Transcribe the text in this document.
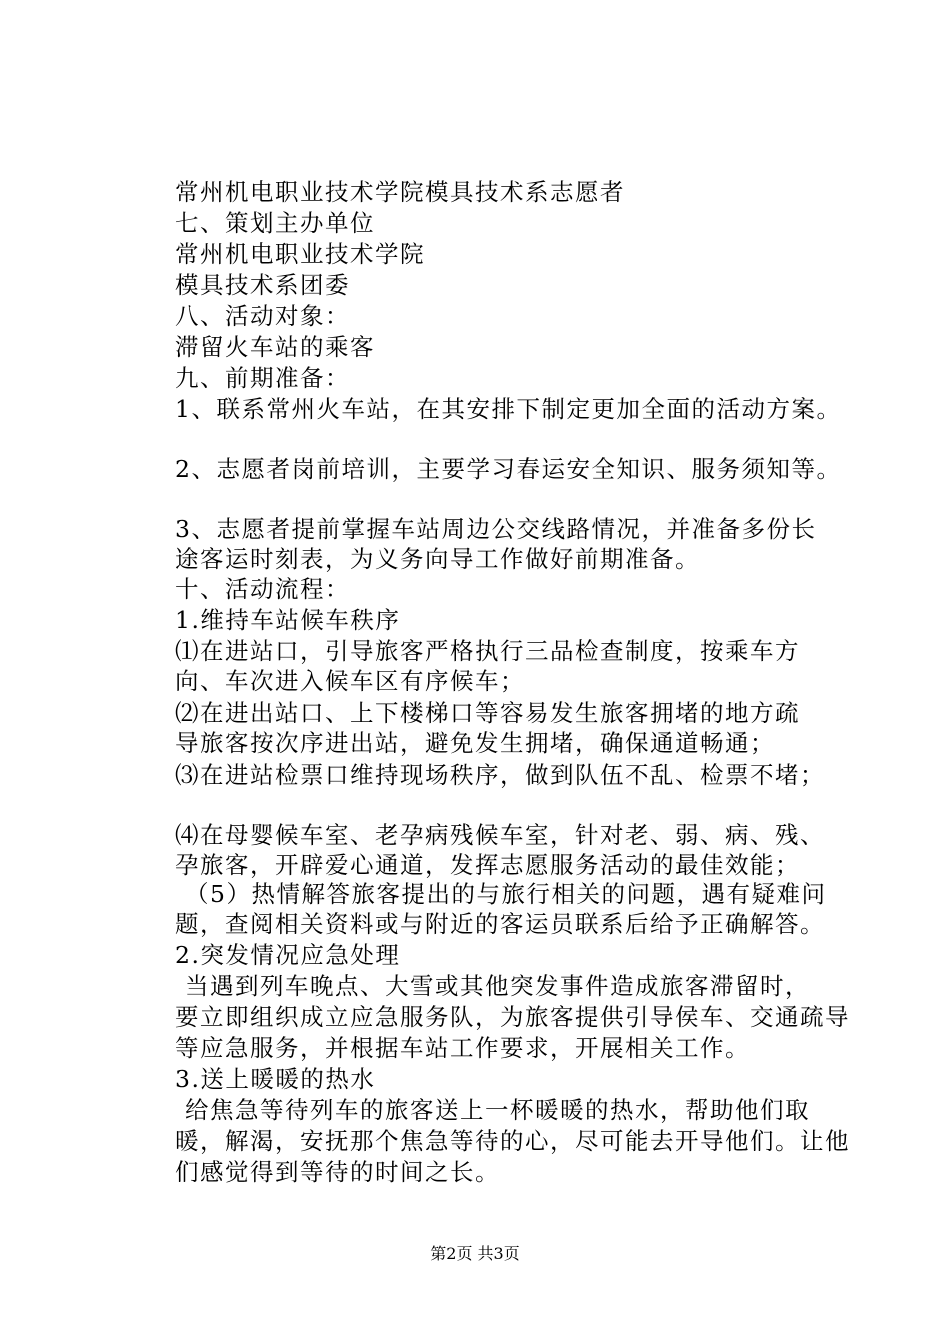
常州机电职业技术学院模具技术系志愿者
七、策划主办单位
常州机电职业技术学院
模具技术系团委
八、活动对象：
滞留火车站的乘客
九、前期准备：
1、联系常州火车站，在其安排下制定更加全面的活动方案。
2、志愿者岗前培训，主要学习春运安全知识、服务须知等。
3、志愿者提前掌握车站周边公交线路情况，并准备多份长
途客运时刻表，为义务向导工作做好前期准备。
十、活动流程：
1.维持车站候车秩序
⑴在进站口，引导旅客严格执行三品检查制度，按乘车方
向、车次进入候车区有序候车；
⑵在进出站口、上下楼梯口等容易发生旅客拥堵的地方疏
导旅客按次序进出站，避免发生拥堵，确保通道畅通；
⑶在进站检票口维持现场秩序，做到队伍不乱、检票不堵；
⑷在母婴候车室、老孕病残候车室，针对老、弱、病、残、
孕旅客，开辟爱心通道，发挥志愿服务活动的最佳效能；
（5）热情解答旅客提出的与旅行相关的问题，遇有疑难问
题，查阅相关资料或与附近的客运员联系后给予正确解答。
2.突发情况应急处理
当遇到列车晚点、大雪或其他突发事件造成旅客滞留时，
要立即组织成立应急服务队，为旅客提供引导侯车、交通疏导
等应急服务，并根据车站工作要求，开展相关工作。
3.送上暖暖的热水
给焦急等待列车的旅客送上一杯暖暖的热水，帮助他们取
暖，解渴，安抚那个焦急等待的心，尽可能去开导他们。让他
们感觉得到等待的时间之长。
第2页 共3页
